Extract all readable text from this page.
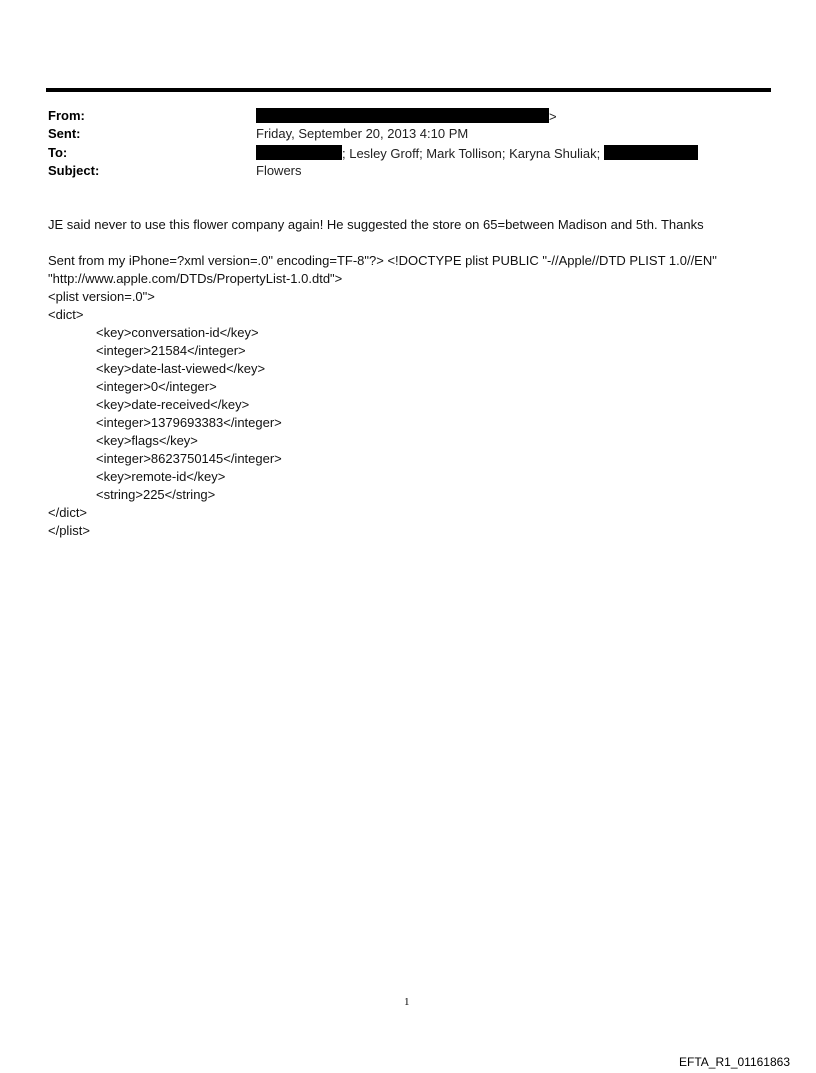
From:	>
Sent:	Friday, September 20, 2013 4:10 PM
To:	; Lesley Groff; Mark Tollison; Karyna Shuliak;
Subject:	Flowers
JE said never to use this flower company again! He suggested the store on 65=between Madison and 5th. Thanks
Sent from my iPhone=?xml version=.0" encoding=TF-8"?> <!DOCTYPE plist PUBLIC "-//Apple//DTD PLIST 1.0//EN"
"http://www.apple.com/DTDs/PropertyList-1.0.dtd">
<plist version=.0">
<dict>
<key>conversation-id</key>
<integer>21584</integer>
<key>date-last-viewed</key>
<integer>0</integer>
<key>date-received</key>
<integer>1379693383</integer>
<key>flags</key>
<integer>8623750145</integer>
<key>remote-id</key>
<string>225</string>
</dict>
</plist>
1
EFTA_R1_01161863
